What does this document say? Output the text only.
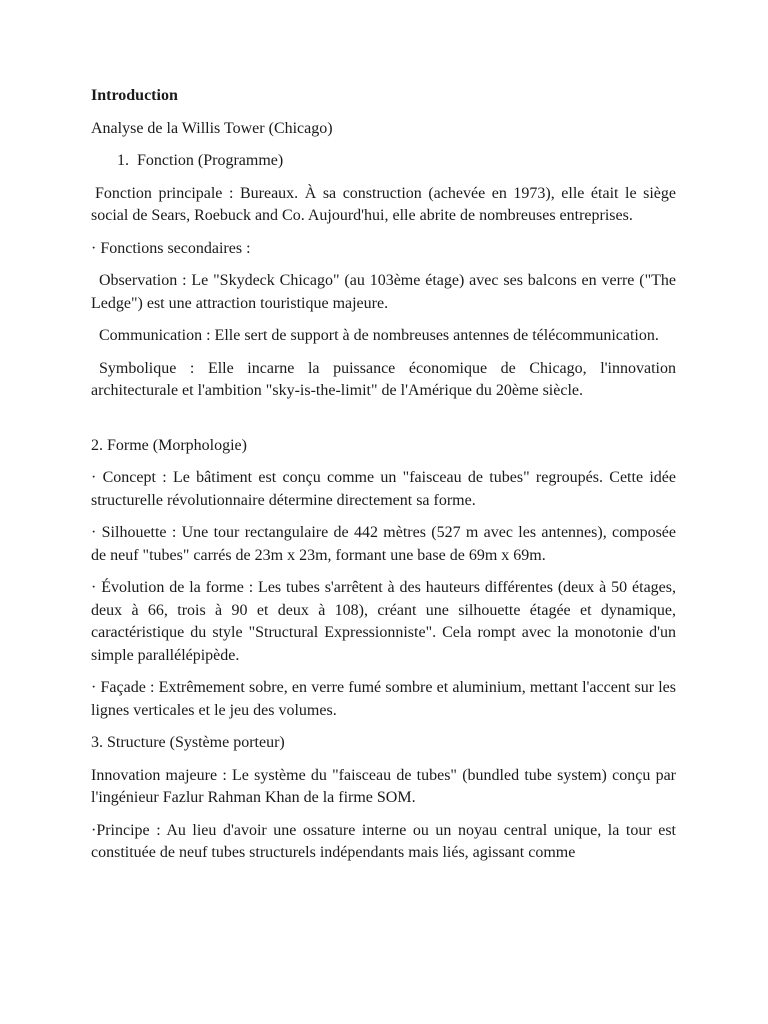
Introduction
Analyse de la Willis Tower (Chicago)
1. Fonction (Programme)
Fonction principale : Bureaux. À sa construction (achevée en 1973), elle était le siège social de Sears, Roebuck and Co. Aujourd'hui, elle abrite de nombreuses entreprises.
· Fonctions secondaires :
Observation : Le "Skydeck Chicago" (au 103ème étage) avec ses balcons en verre ("The Ledge") est une attraction touristique majeure.
Communication : Elle sert de support à de nombreuses antennes de télécommunication.
Symbolique : Elle incarne la puissance économique de Chicago, l'innovation architecturale et l'ambition "sky-is-the-limit" de l'Amérique du 20ème siècle.
2. Forme (Morphologie)
· Concept : Le bâtiment est conçu comme un "faisceau de tubes" regroupés. Cette idée structurelle révolutionnaire détermine directement sa forme.
· Silhouette : Une tour rectangulaire de 442 mètres (527 m avec les antennes), composée de neuf "tubes" carrés de 23m x 23m, formant une base de 69m x 69m.
· Évolution de la forme : Les tubes s'arrêtent à des hauteurs différentes (deux à 50 étages, deux à 66, trois à 90 et deux à 108), créant une silhouette étagée et dynamique, caractéristique du style "Structural Expressionniste". Cela rompt avec la monotonie d'un simple parallélépipède.
· Façade : Extrêmement sobre, en verre fumé sombre et aluminium, mettant l'accent sur les lignes verticales et le jeu des volumes.
3. Structure (Système porteur)
Innovation majeure : Le système du "faisceau de tubes" (bundled tube system) conçu par l'ingénieur Fazlur Rahman Khan de la firme SOM.
·Principe : Au lieu d'avoir une ossature interne ou un noyau central unique, la tour est constituée de neuf tubes structurels indépendants mais liés, agissant comme
